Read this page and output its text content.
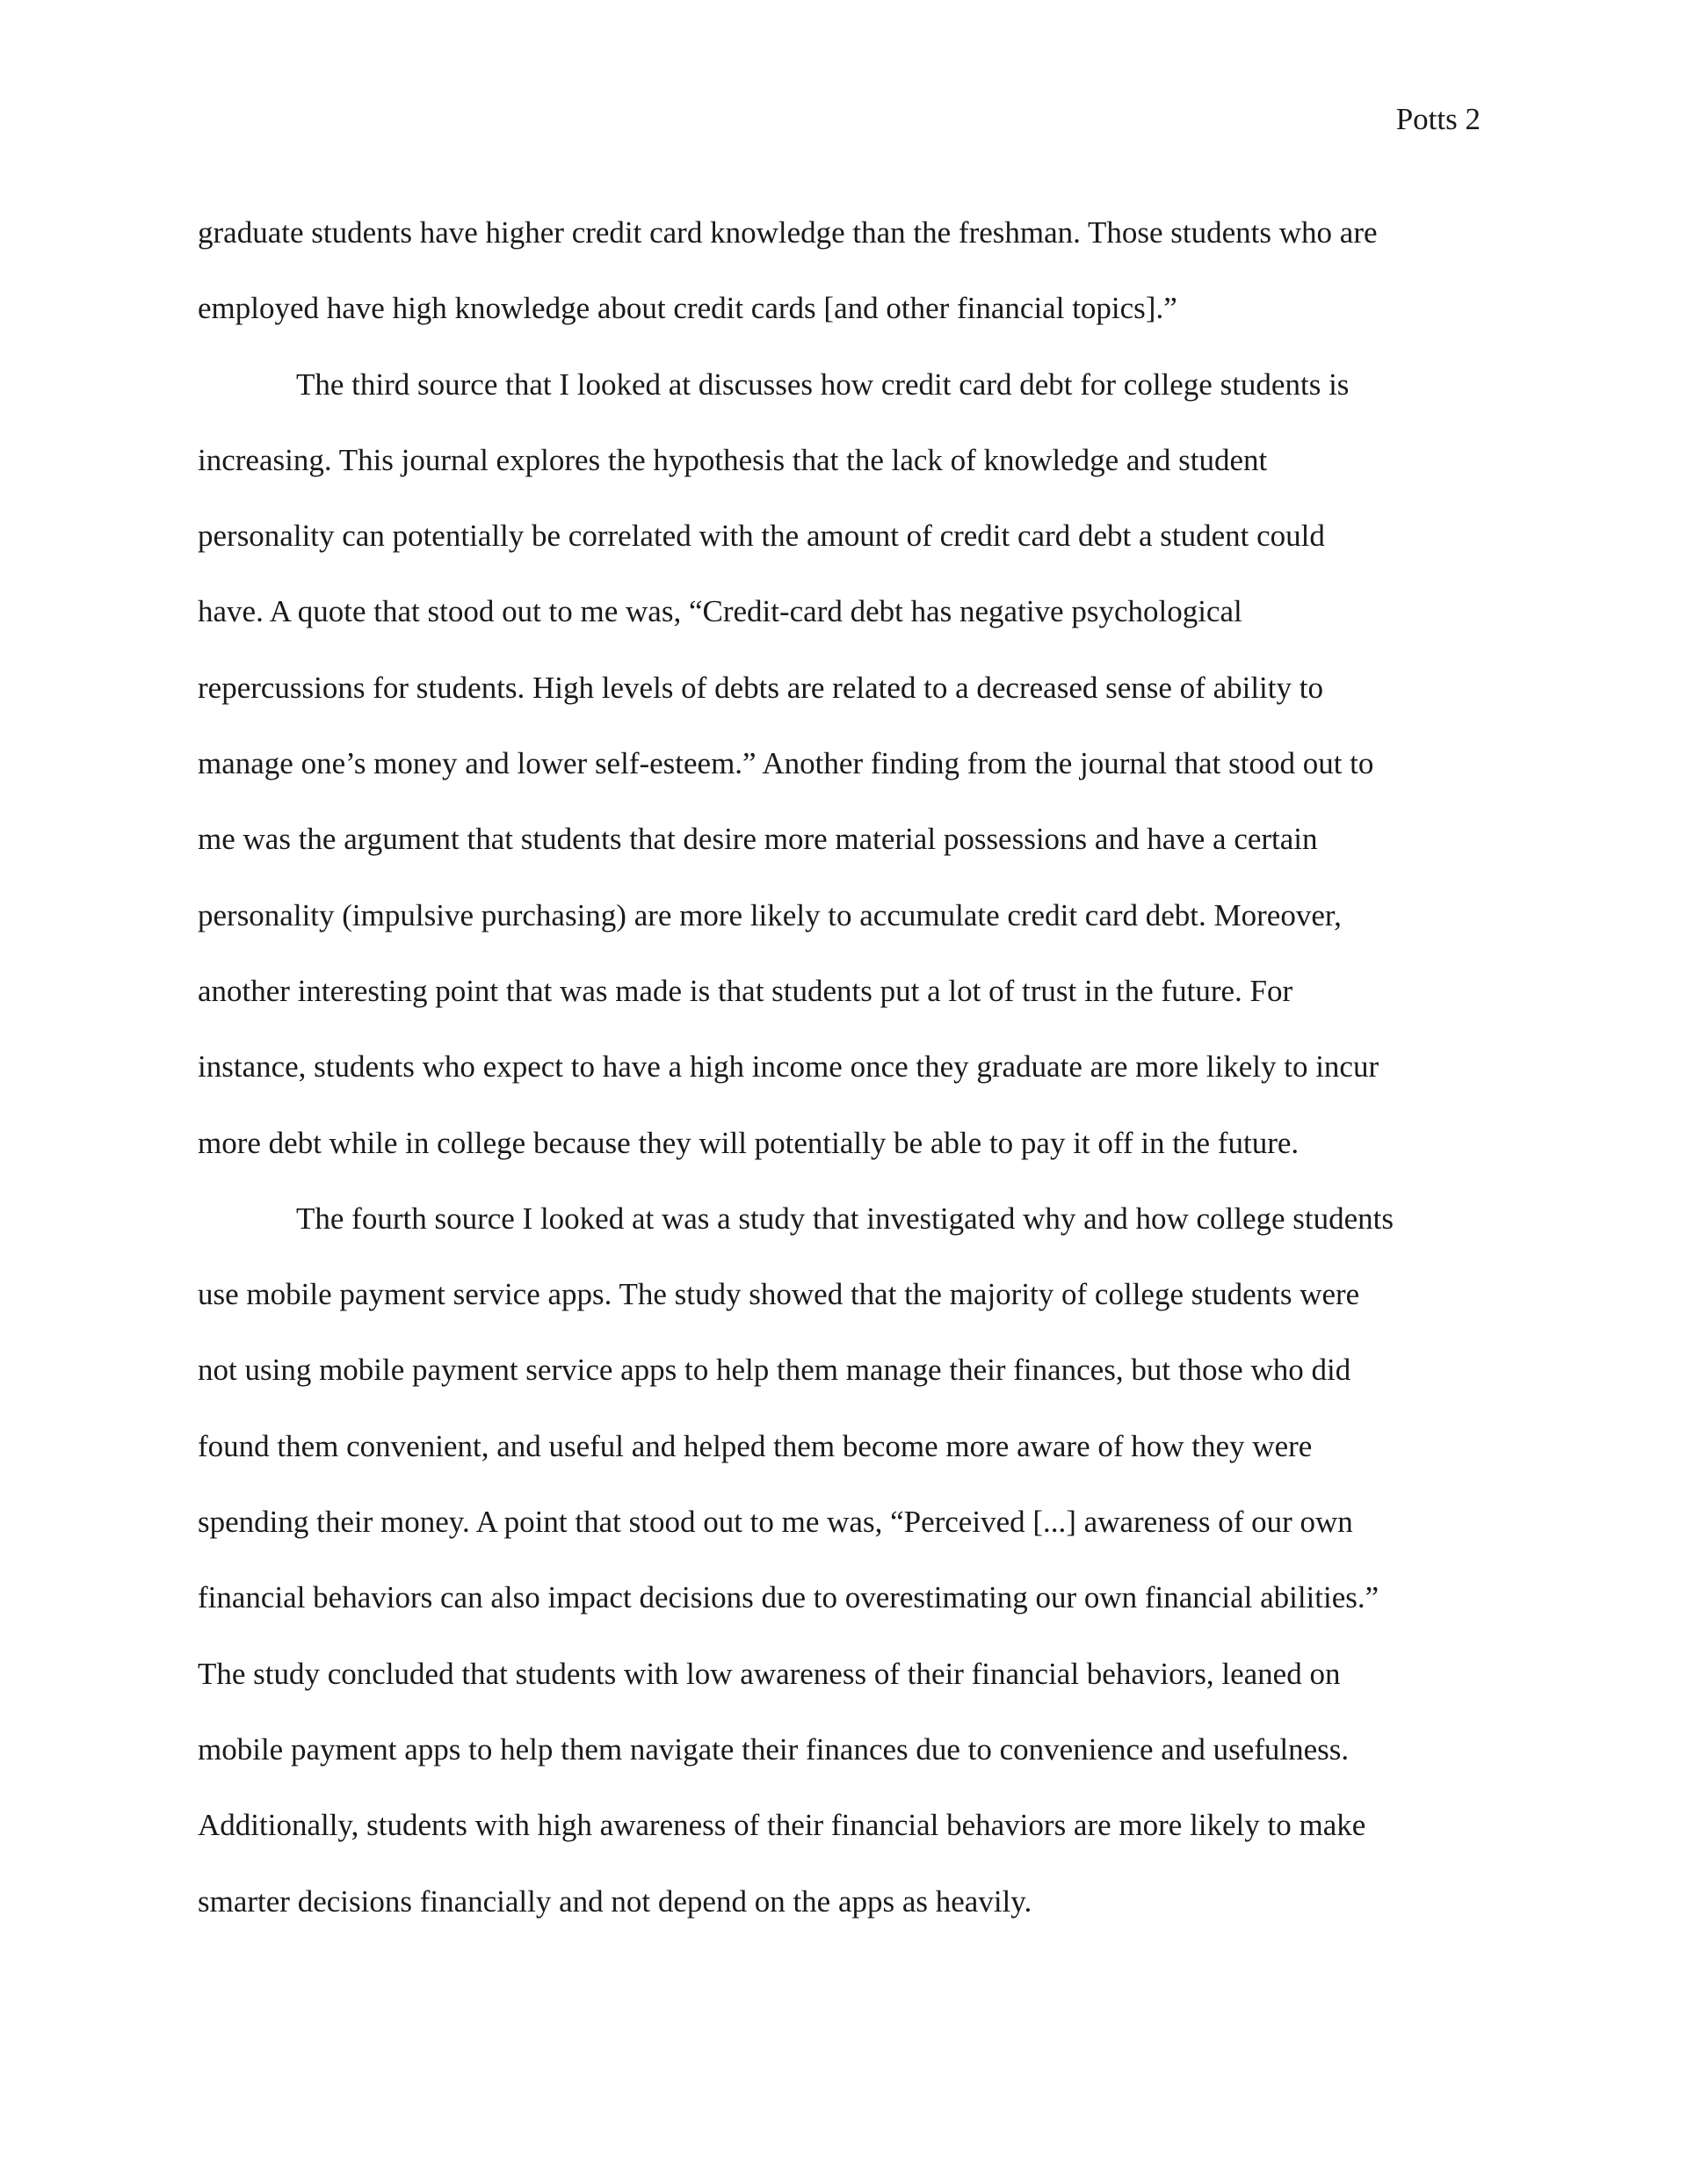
Potts 2
graduate students have higher credit card knowledge than the freshman. Those students who are
employed have high knowledge about credit cards [and other financial topics].”
The third source that I looked at discusses how credit card debt for college students is
increasing. This journal explores the hypothesis that the lack of knowledge and student
personality can potentially be correlated with the amount of credit card debt a student could
have. A quote that stood out to me was, “Credit-card debt has negative psychological
repercussions for students. High levels of debts are related to a decreased sense of ability to
manage one’s money and lower self-esteem.” Another finding from the journal that stood out to
me was the argument that students that desire more material possessions and have a certain
personality (impulsive purchasing) are more likely to accumulate credit card debt. Moreover,
another interesting point that was made is that students put a lot of trust in the future. For
instance, students who expect to have a high income once they graduate are more likely to incur
more debt while in college because they will potentially be able to pay it off in the future.
The fourth source I looked at was a study that investigated why and how college students
use mobile payment service apps. The study showed that the majority of college students were
not using mobile payment service apps to help them manage their finances, but those who did
found them convenient, and useful and helped them become more aware of how they were
spending their money. A point that stood out to me was, “Perceived [...] awareness of our own
financial behaviors can also impact decisions due to overestimating our own financial abilities.”
The study concluded that students with low awareness of their financial behaviors, leaned on
mobile payment apps to help them navigate their finances due to convenience and usefulness.
Additionally, students with high awareness of their financial behaviors are more likely to make
smarter decisions financially and not depend on the apps as heavily.
